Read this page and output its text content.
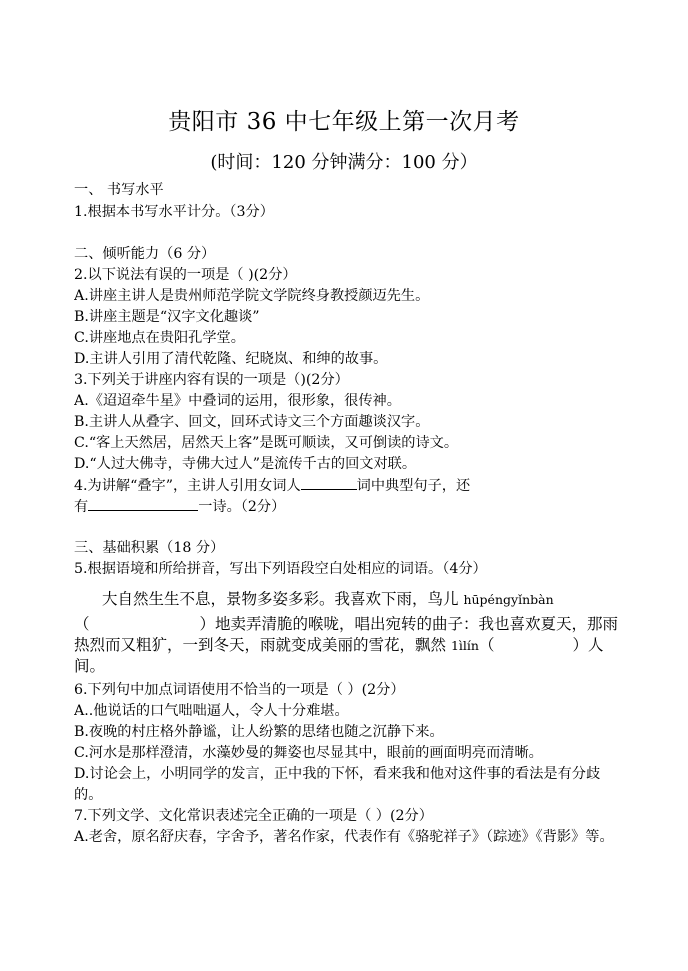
贵阳市 36 中七年级上第一次月考
(时间：120 分钟满分：100 分）
一、 书写水平
1.根据本书写水平计分。（3分）
二、倾听能力（6 分）
2.以下说法有误的一项是（ )(2分）
A.讲座主讲人是贵州师范学院文学院终身教授颜迈先生。
B.讲座主题是“汉字文化趣谈”
C.讲座地点在贵阳孔学堂。
D.主讲人引用了清代乾隆、纪晓岚、和绅的故事。
3.下列关于讲座内容有误的一项是（)(2分）
A.《迢迢牵牛星》中叠词的运用，很形象，很传神。
B.主讲人从叠字、回文，回环式诗文三个方面趣谈汉字。
C.“客上天然居，居然天上客”是既可顺读，又可倒读的诗文。
D.“人过大佛寺，寺佛大过人”是流传千古的回文对联。
4.为讲解“叠字”，主讲人引用女词人	词中典型句子，还
有	一诗。（2分）
三、基础积累（18 分）
5.根据语境和所给拼音，写出下列语段空白处相应的词语。（4分）
大自然生生不息，景物多姿多彩。我喜欢下雨，鸟儿 hūpéngyǐnbàn
（	）地卖弄清脆的喉咙，唱出宛转的曲子：我也喜欢夏天，那雨热烈而又粗犷，一到冬天，雨就变成美丽的雪花，飘然 1ìlín（	）人间。
6.下列句中加点词语使用不恰当的一项是（ ）(2分）
A..他说话的口气咄咄逼人，令人十分难堪。
B.夜晚的村庄格外静谧，让人纷繁的思绪也随之沉静下来。
C.河水是那样澄清，水藻妙曼的舞姿也尽显其中，眼前的画面明亮而清晰。
D.讨论会上，小明同学的发言，正中我的下怀，看来我和他对这件事的看法是有分歧的。
7.下列文学、文化常识表述完全正确的一项是（ ）(2分）
A.老舍，原名舒庆春，字舍予，著名作家，代表作有《骆驼祥子》（踪迹》《背影》等。
